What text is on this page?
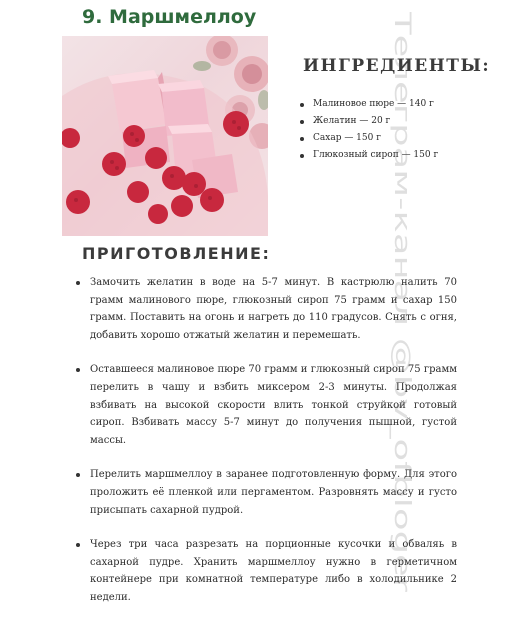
9. Маршмеллоу
ИНГРЕДИЕНТЫ:
Малиновое пюре — 140 г
Желатин — 20 г
Сахар — 150 г
Глюкозный сироп — 150 г
ПРИГОТОВЛЕНИЕ:
Замочить желатин в воде на 5-7 минут. В кастрюлю налить 70 грамм малинового пюре, глюкозный сироп 75 грамм и сахар 150 грамм. Поставить на огонь и нагреть до 110 градусов. Снять с огня, добавить хорошо отжатый желатин и перемешать.
Оставшееся малиновое пюре 70 грамм и глюкозный сироп 75 грамм перелить в чашу и взбить миксером 2-3 минуты. Продолжая взбивать на высокой скорости влить тонкой струйкой готовый сироп. Взбивать массу 5-7 минут до получения пышной, густой массы.
Перелить маршмеллоу в заранее подготовленную форму. Для этого проложить её пленкой или пергаментом. Разровнять массу и густо присыпать сахарной пудрой.
Через три часа разрезать на порционные кусочки и обваляь в сахарной пудре. Хранить маршмеллоу нужно в герметичном контейнере при комнатной температуре либо в холодильнике 2 недели.
Телеграм-канал @bv_ofbloger
